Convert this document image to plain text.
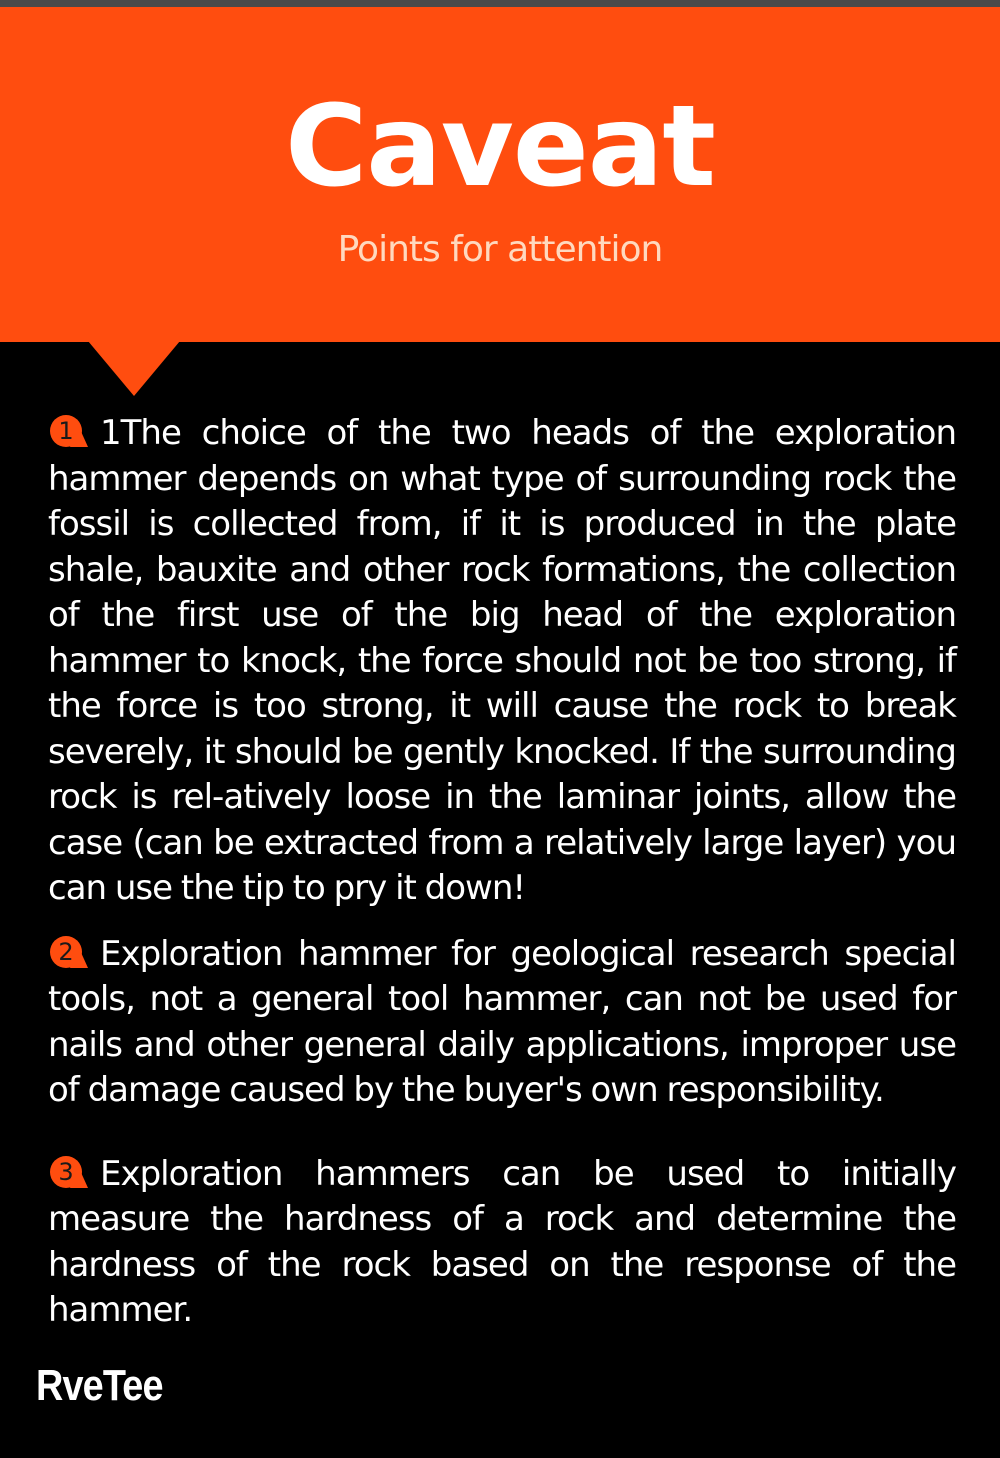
Caveat
Points for attention

1 1The choice of the two heads of the exploration hammer depends on what type of surrounding rock the fossil is collected from, if it is produced in the plate shale, bauxite and other rock formations, the collection of the first use of the big head of the exploration hammer to knock, the force should not be too strong, if the force is too strong, it will cause the rock to break severely, it should be gently knocked. If the surrounding rock is rel-atively loose in the laminar joints, allow the case (can be extracted from a relatively large layer) you can use the tip to pry it down!

2 Exploration hammer for geological research special tools, not a general tool hammer, can not be used for nails and other general daily applications, improper use of damage caused by the buyer's own responsibility.

3 Exploration hammers can be used to initially measure the hardness of a rock and determine the hardness of the rock based on the response of the hammer.

RveTee
